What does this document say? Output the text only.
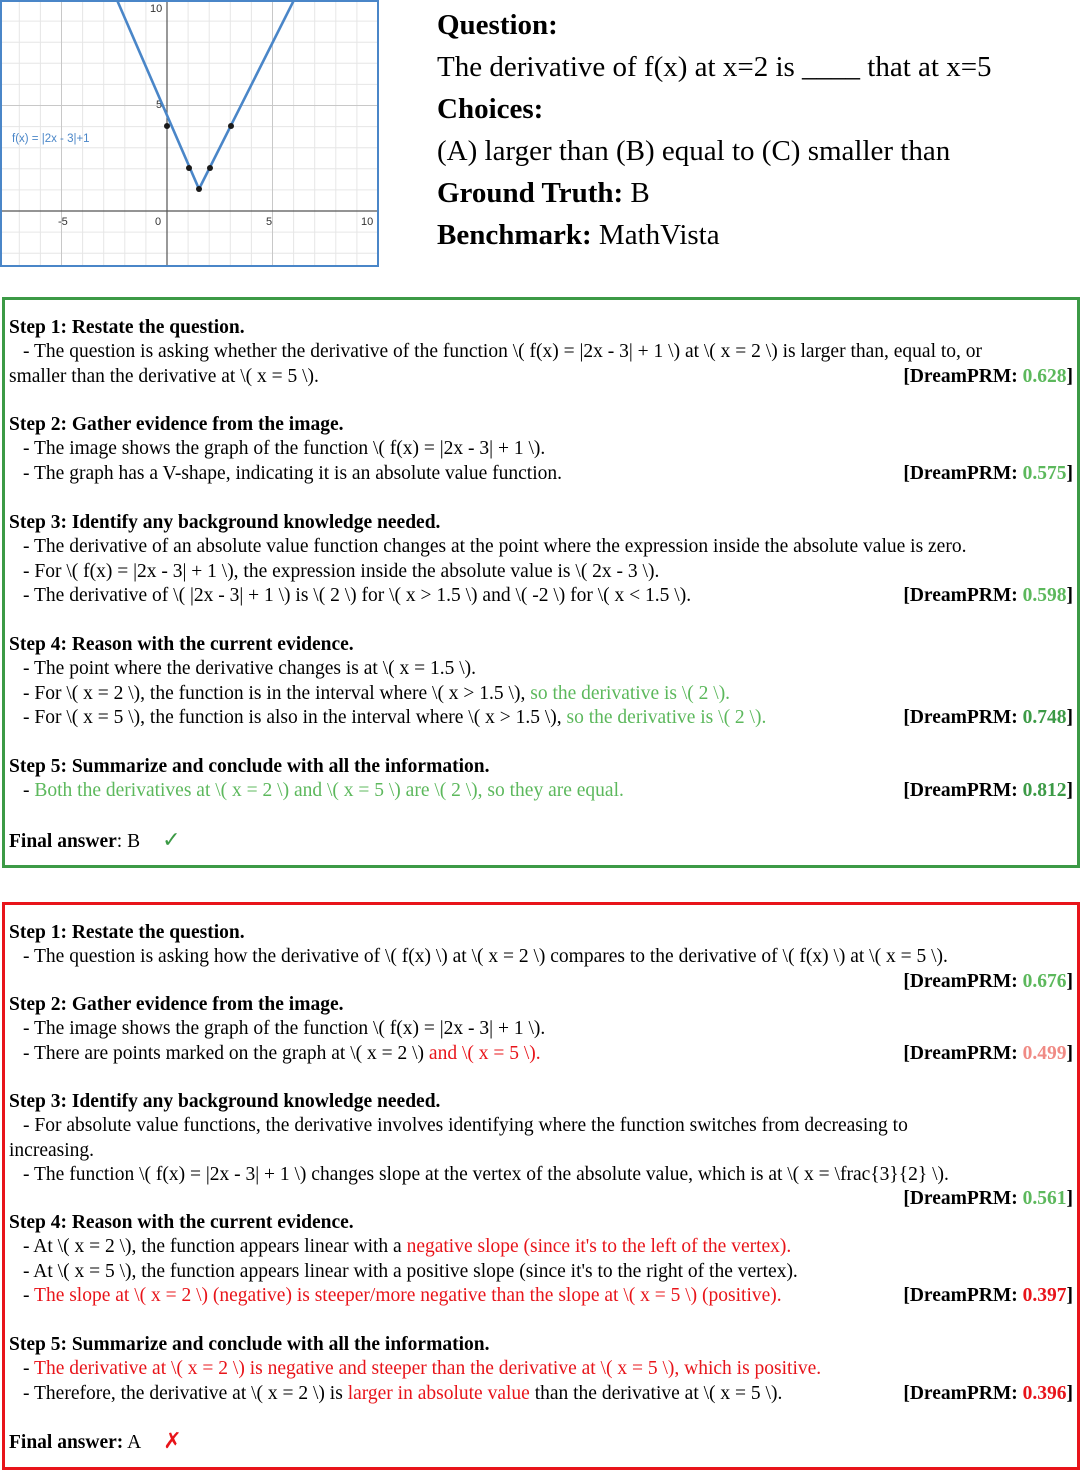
-5	0	5	10
5
10
f(x) = |2x - 3|+1
Question:
The derivative of f(x) at x=2 is ____ that at x=5
Choices:
(A) larger than (B) equal to (C) smaller than
Ground Truth: B
Benchmark: MathVista
Step 1: Restate the question.
- The question is asking whether the derivative of the function \( f(x) = |2x - 3| + 1 \) at \( x = 2 \) is larger than, equal to, or
[DreamPRM: 0.628]
smaller than the derivative at \( x = 5 \).
Step 2: Gather evidence from the image.
- The image shows the graph of the function \( f(x) = |2x - 3| + 1 \).
[DreamPRM: 0.575]
- The graph has a V-shape, indicating it is an absolute value function.
Step 3: Identify any background knowledge needed.
- The derivative of an absolute value function changes at the point where the expression inside the absolute value is zero.
- For \( f(x) = |2x - 3| + 1 \), the expression inside the absolute value is \( 2x - 3 \).
[DreamPRM: 0.598]
- The derivative of \( |2x - 3| + 1 \) is \( 2 \) for \( x > 1.5 \) and \( -2 \) for \( x < 1.5 \).
Step 4: Reason with the current evidence.
- The point where the derivative changes is at \( x = 1.5 \).
- For \( x = 2 \), the function is in the interval where \( x > 1.5 \), so the derivative is \( 2 \).
[DreamPRM: 0.748]
- For \( x = 5 \), the function is also in the interval where \( x > 1.5 \), so the derivative is \( 2 \).
Step 5: Summarize and conclude with all the information.
[DreamPRM: 0.812]
- Both the derivatives at \( x = 2 \) and \( x = 5 \) are \( 2 \), so they are equal.
Final answer: B ✓
Step 1: Restate the question.
- The question is asking how the derivative of \( f(x) \) at \( x = 2 \) compares to the derivative of \( f(x) \) at \( x = 5 \).
[DreamPRM: 0.676]
Step 2: Gather evidence from the image.
- The image shows the graph of the function \( f(x) = |2x - 3| + 1 \).
[DreamPRM: 0.499]
- There are points marked on the graph at \( x = 2 \) and \( x = 5 \).
Step 3: Identify any background knowledge needed.
- For absolute value functions, the derivative involves identifying where the function switches from decreasing to
increasing.
- The function \( f(x) = |2x - 3| + 1 \) changes slope at the vertex of the absolute value, which is at \( x = \frac{3}{2} \).
[DreamPRM: 0.561]
Step 4: Reason with the current evidence.
- At \( x = 2 \), the function appears linear with a negative slope (since it's to the left of the vertex).
- At \( x = 5 \), the function appears linear with a positive slope (since it's to the right of the vertex).
[DreamPRM: 0.397]
- The slope at \( x = 2 \) (negative) is steeper/more negative than the slope at \( x = 5 \) (positive).
Step 5: Summarize and conclude with all the information.
- The derivative at \( x = 2 \) is negative and steeper than the derivative at \( x = 5 \), which is positive.
[DreamPRM: 0.396]
- Therefore, the derivative at \( x = 2 \) is larger in absolute value than the derivative at \( x = 5 \).
Final answer: A ✗
